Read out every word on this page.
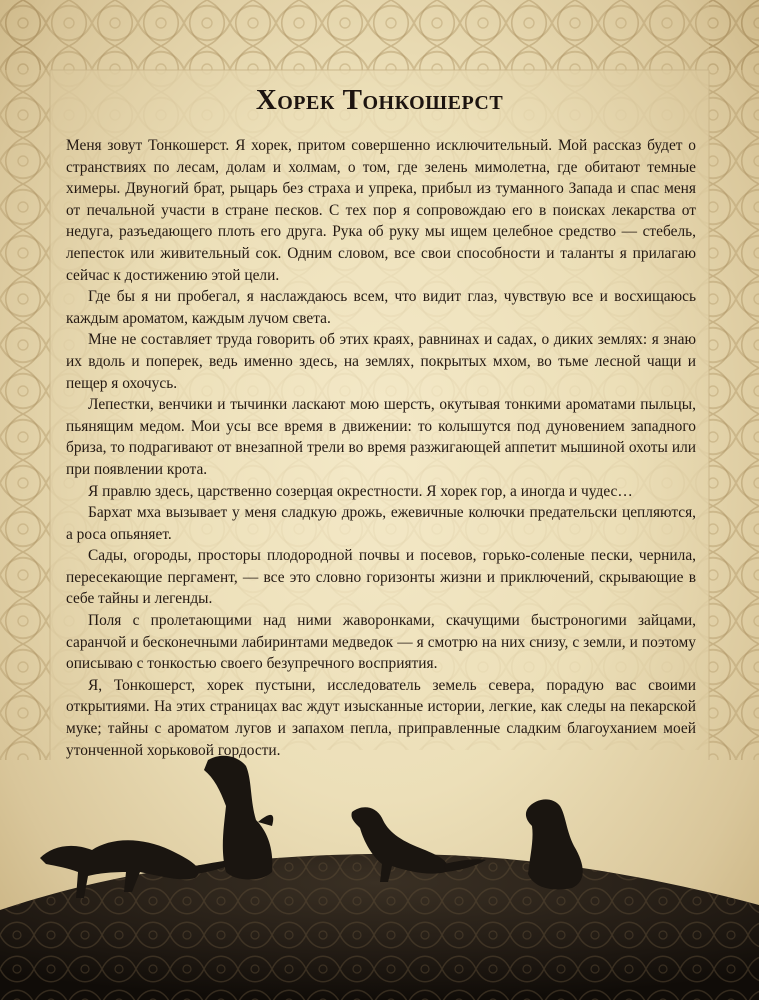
Хорек Тонкошерст

Меня зовут Тонкошерст. Я хорек, притом совершенно исключительный. Мой рассказ будет о странствиях по лесам, долам и холмам, о том, где зелень мимолетна, где обитают темные химеры. Двуногий брат, рыцарь без страха и упрека, прибыл из туманного Запада и спас меня от печальной участи в стране песков. С тех пор я сопровождаю его в поисках лекарства от недуга, разъедающего плоть его друга. Рука об руку мы ищем целебное средство — стебель, лепесток или живительный сок. Одним словом, все свои способности и таланты я прилагаю сейчас к достижению этой цели.

Где бы я ни пробегал, я наслаждаюсь всем, что видит глаз, чувствую все и восхищаюсь каждым ароматом, каждым лучом света.

Мне не составляет труда говорить об этих краях, равнинах и садах, о диких землях: я знаю их вдоль и поперек, ведь именно здесь, на землях, покрытых мхом, во тьме лесной чащи и пещер я охочусь.

Лепестки, венчики и тычинки ласкают мою шерсть, окутывая тонкими ароматами пыльцы, пьянящим медом. Мои усы все время в движении: то колышутся под дуновением западного бриза, то подрагивают от внезапной трели во время разжигающей аппетит мышиной охоты или при появлении крота.

Я правлю здесь, царственно созерцая окрестности. Я хорек гор, а иногда и чудес…

Бархат мха вызывает у меня сладкую дрожь, ежевичные колючки предательски цепляются, а роса опьяняет.

Сады, огороды, просторы плодородной почвы и посевов, горько-соленые пески, чернила, пересекающие пергамент, — все это словно горизонты жизни и приключений, скрывающие в себе тайны и легенды.

Поля с пролетающими над ними жаворонками, скачущими быстроногими зайцами, саранчой и бесконечными лабиринтами медведок — я смотрю на них снизу, с земли, и поэтому описываю с тонкостью своего безупречного восприятия.

Я, Тонкошерст, хорек пустыни, исследователь земель севера, порадую вас своими открытиями. На этих страницах вас ждут изысканные истории, легкие, как следы на пекарской муке; тайны с ароматом лугов и запахом пепла, приправленные сладким благоуханием моей утонченной хорьковой гордости.
